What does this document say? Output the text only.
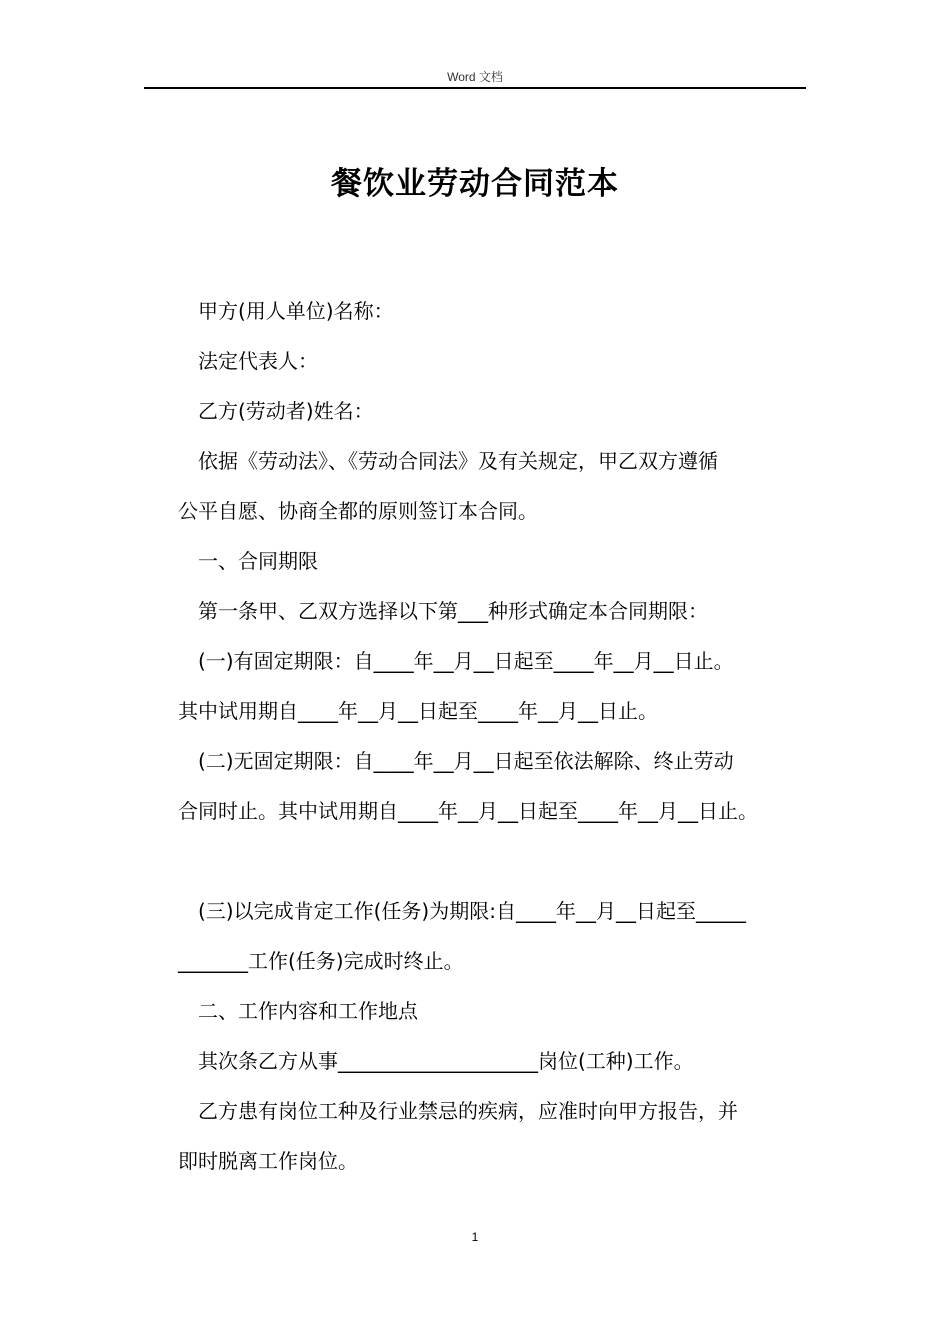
Word 文档
餐饮业劳动合同范本

甲方(用人单位)名称：

法定代表人：

乙方(劳动者)姓名：

依据《劳动法》、《劳动合同法》及有关规定，甲乙双方遵循

公平自愿、协商全都的原则签订本合同。

一、合同期限

第一条甲、乙双方选择以下第___种形式确定本合同期限：

(一)有固定期限：自____年__月__日起至____年__月__日止。

其中试用期自____年__月__日起至____年__月__日止。

(二)无固定期限：自____年__月__日起至依法解除、终止劳动

合同时止。其中试用期自____年__月__日起至____年__月__日止。

(三)以完成肯定工作(任务)为期限:自____年__月__日起至_____

_______工作(任务)完成时终止。

二、工作内容和工作地点

其次条乙方从事____________________岗位(工种)工作。

乙方患有岗位工种及行业禁忌的疾病，应准时向甲方报告，并

即时脱离工作岗位。

1
